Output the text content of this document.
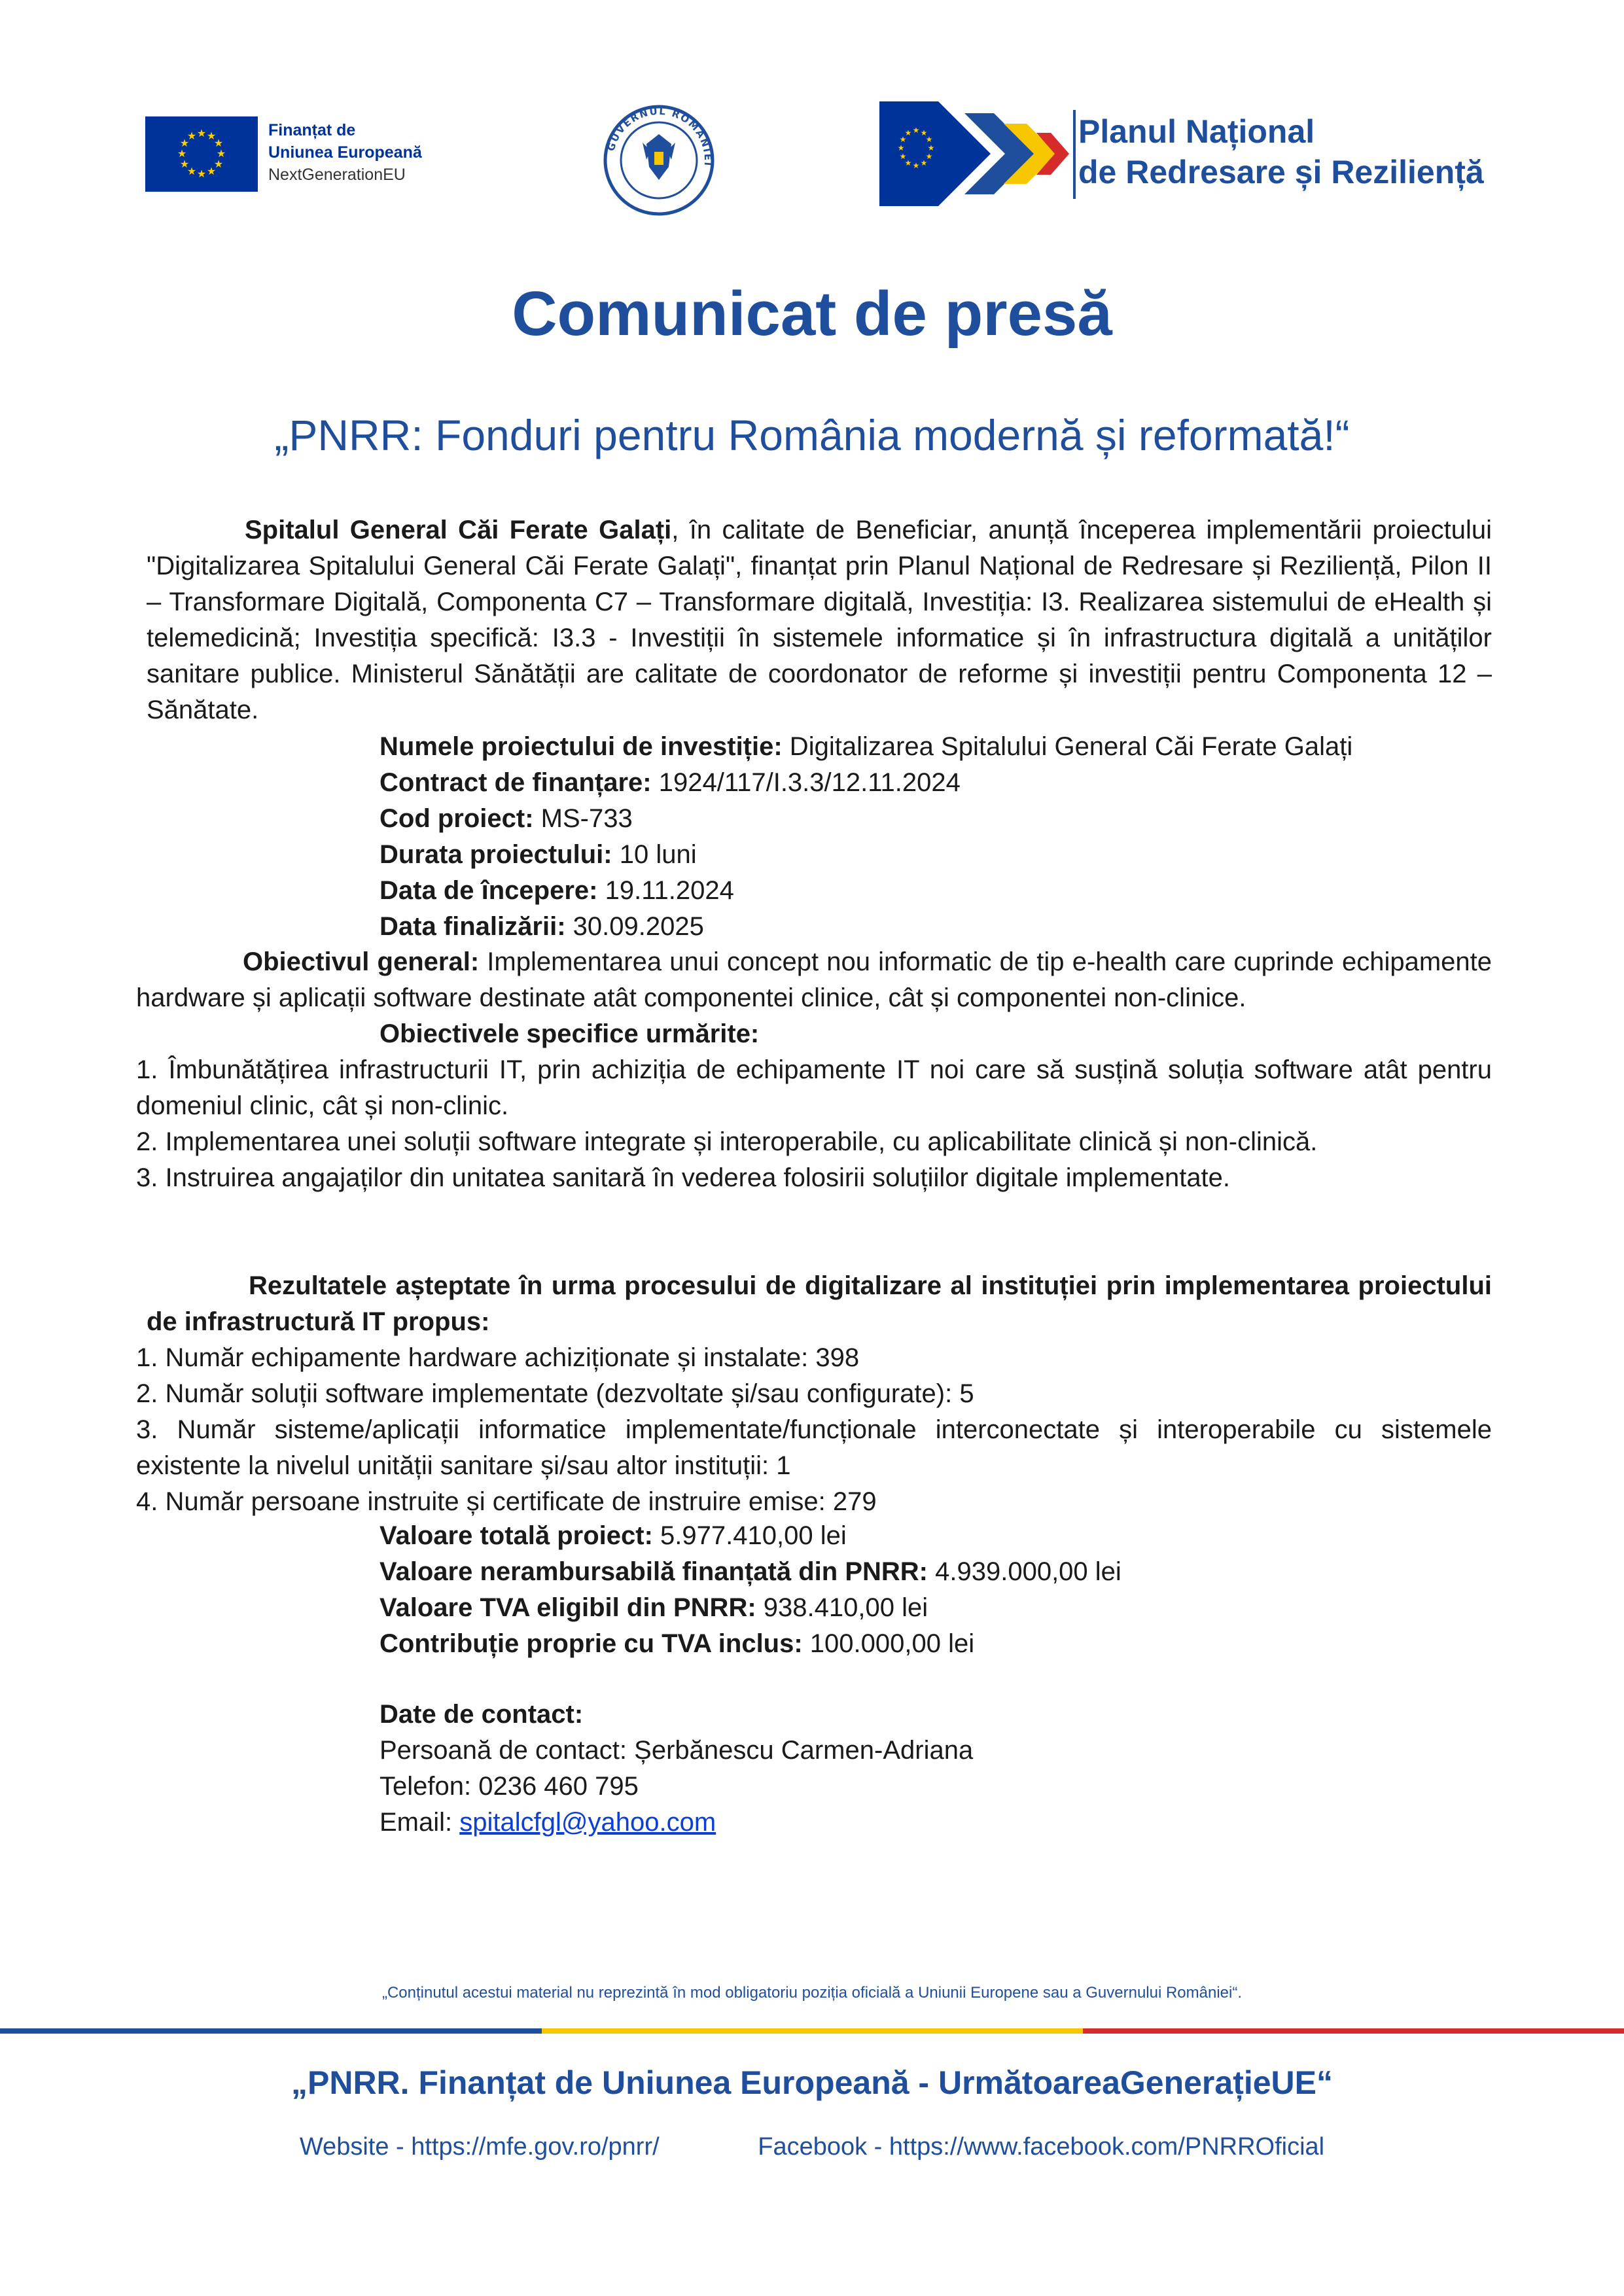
★ ★
★
★
★
★
★
★
★
★
★
★	Finanțat de
Uniunea Europeană
NextGenerationEU
GUVERNUL ROMÂNIEI
★ ★
★
★
★
★
★
★
★
★
★
★	Planul Național
de Redresare și Reziliență
Comunicat de presă
„PNRR: Fonduri pentru România modernă și reformată!“
Spitalul General Căi Ferate Galați, în calitate de Beneficiar, anunță începerea implementării proiectului "Digitalizarea Spitalului General Căi Ferate Galați", finanțat prin Planul Național de Redresare și Reziliență, Pilon II – Transformare Digitală, Componenta C7 – Transformare digitală, Investiția: I3. Realizarea sistemului de eHealth și telemedicină; Investiția specifică: I3.3 - Investiții în sistemele informatice și în infrastructura digitală a unităților sanitare publice. Ministerul Sănătății are calitate de coordonator de reforme și investiții pentru Componenta 12 – Sănătate.
Numele proiectului de investiție: Digitalizarea Spitalului General Căi Ferate Galați
Contract de finanțare: 1924/117/I.3.3/12.11.2024
Cod proiect: MS-733
Durata proiectului: 10 luni
Data de începere: 19.11.2024
Data finalizării: 30.09.2025
Obiectivul general: Implementarea unui concept nou informatic de tip e-health care cuprinde echipamente hardware și aplicații software destinate atât componentei clinice, cât și componentei non-clinice.
Obiectivele specifice urmărite:
1. Îmbunătățirea infrastructurii IT, prin achiziția de echipamente IT noi care să susțină soluția software atât pentru domeniul clinic, cât și non-clinic.
2. Implementarea unei soluții software integrate și interoperabile, cu aplicabilitate clinică și non-clinică.
3. Instruirea angajaților din unitatea sanitară în vederea folosirii soluțiilor digitale implementate.
Rezultatele așteptate în urma procesului de digitalizare al instituției prin implementarea proiectului de infrastructură IT propus:
1. Număr echipamente hardware achiziționate și instalate: 398
2. Număr soluții software implementate (dezvoltate și/sau configurate): 5
3. Număr sisteme/aplicații informatice implementate/funcționale interconectate și interoperabile cu sistemele existente la nivelul unității sanitare și/sau altor instituții: 1
4. Număr persoane instruite și certificate de instruire emise: 279
Valoare totală proiect: 5.977.410,00 lei
Valoare nerambursabilă finanțată din PNRR: 4.939.000,00 lei
Valoare TVA eligibil din PNRR: 938.410,00 lei
Contribuție proprie cu TVA inclus: 100.000,00 lei
Date de contact:
Persoană de contact: Șerbănescu Carmen-Adriana
Telefon: 0236 460 795
Email: spitalcfgl@yahoo.com
„Conținutul acestui material nu reprezintă în mod obligatoriu poziția oficială a Uniunii Europene sau a Guvernului României“.
„PNRR. Finanțat de Uniunea Europeană - UrmătoareaGenerațieUE“
Website - https://mfe.gov.ro/pnrr/	Facebook - https://www.facebook.com/PNRROficial
